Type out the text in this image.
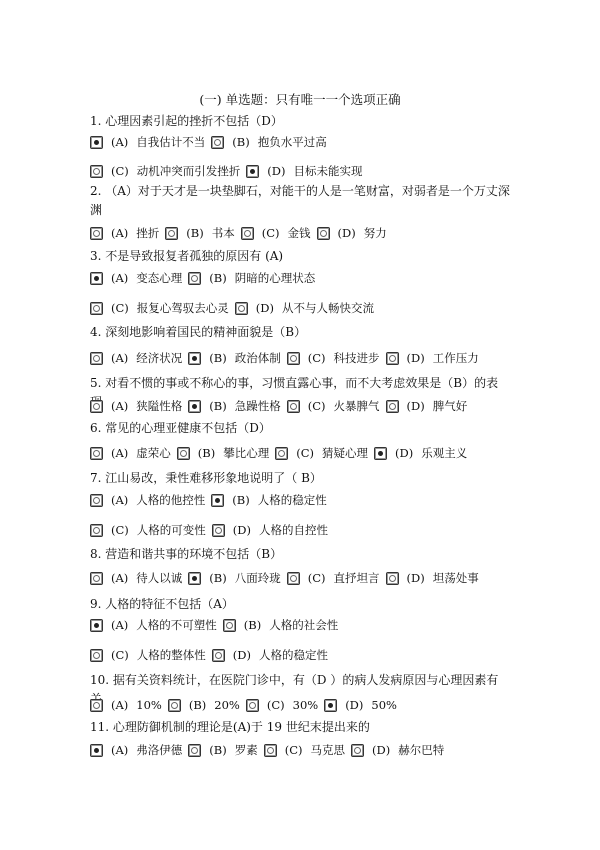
(一) 单选题：只有唯一一个选项正确
1. 心理因素引起的挫折不包括（D）
(A) 自我估计不当 (B) 抱负水平过高
(C) 动机冲突而引发挫折 (D) 目标未能实现
2. （A）对于天才是一块垫脚石，对能干的人是一笔财富，对弱者是一个万丈深渊
(A) 挫折 (B) 书本 (C) 金钱 (D) 努力
3. 不是导致报复者孤独的原因有 (A)
(A) 变态心理 (B) 阴暗的心理状态
(C) 报复心驾驭去心灵 (D) 从不与人畅快交流
4. 深刻地影响着国民的精神面貌是（B）
(A) 经济状况 (B) 政治体制 (C) 科技进步 (D) 工作压力
5. 对看不惯的事或不称心的事，习惯直露心事，而不大考虑效果是（B）的表
(A) 狭隘性格 (B) 急躁性格 (C) 火暴脾气 (D) 脾气好
6. 常见的心理亚健康不包括（D）
(A) 虚荣心 (B) 攀比心理 (C) 猜疑心理 (D) 乐观主义
7. 江山易改，秉性难移形象地说明了（ B）
(A) 人格的他控性 (B) 人格的稳定性
(C) 人格的可变性 (D) 人格的自控性
8. 营造和谐共事的环境不包括（B）
(A) 待人以诚 (B) 八面玲珑 (C) 直抒坦言 (D) 坦荡处事
9. 人格的特征不包括（A）
(A) 人格的不可塑性 (B) 人格的社会性
(C) 人格的整体性 (D) 人格的稳定性
10. 据有关资料统计，在医院门诊中，有（D ）的病人发病原因与心理因素有
(A) 10% (B) 20% (C) 30% (D) 50%
11. 心理防御机制的理论是(A)于 19 世纪末提出来的
(A) 弗洛伊德 (B) 罗素 (C) 马克思 (D) 赫尔巴特
